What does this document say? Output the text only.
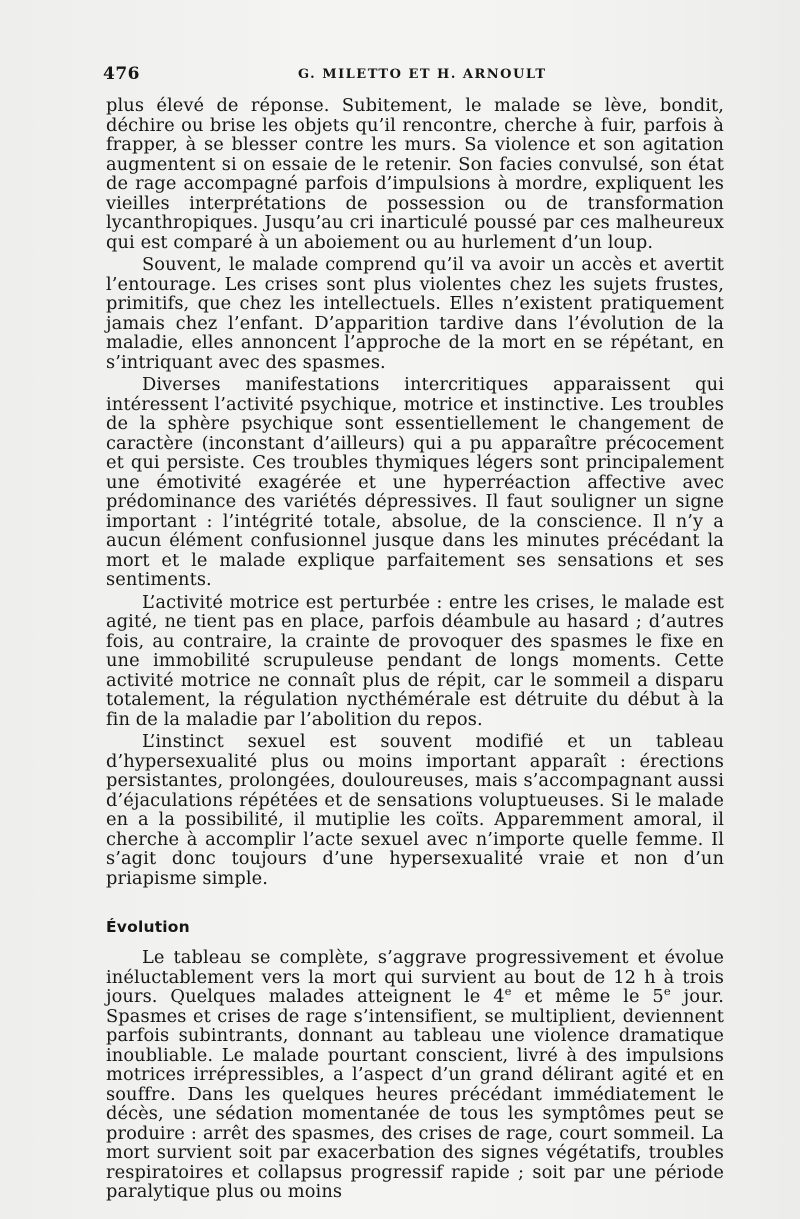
476	G. MILETTO ET H. ARNOULT

plus élevé de réponse. Subitement, le malade se lève, bondit, déchire ou brise les objets qu’il rencontre, cherche à fuir, parfois à frapper, à se blesser contre les murs. Sa violence et son agitation augmentent si on essaie de le retenir. Son facies convulsé, son état de rage accompagné parfois d’impulsions à mordre, expliquent les vieilles interprétations de possession ou de transformation lycanthropiques. Jusqu’au cri inarticulé poussé par ces malheureux qui est comparé à un aboiement ou au hurlement d’un loup.

Souvent, le malade comprend qu’il va avoir un accès et avertit l’entourage. Les crises sont plus violentes chez les sujets frustes, primitifs, que chez les intellectuels. Elles n’existent pratiquement jamais chez l’enfant. D’apparition tardive dans l’évolution de la maladie, elles annoncent l’approche de la mort en se répétant, en s’intriquant avec des spasmes.

Diverses manifestations intercritiques apparaissent qui intéressent l’activité psychique, motrice et instinctive. Les troubles de la sphère psychique sont essentiellement le changement de caractère (inconstant d’ailleurs) qui a pu apparaître précocement et qui persiste. Ces troubles thymiques légers sont principalement une émotivité exagérée et une hyperréaction affective avec prédominance des variétés dépressives. Il faut souligner un signe important : l’intégrité totale, absolue, de la conscience. Il n’y a aucun élément confusionnel jusque dans les minutes précédant la mort et le malade explique parfaitement ses sensations et ses sentiments.

L’activité motrice est perturbée : entre les crises, le malade est agité, ne tient pas en place, parfois déambule au hasard ; d’autres fois, au contraire, la crainte de provoquer des spasmes le fixe en une immobilité scrupuleuse pendant de longs moments. Cette activité motrice ne connaît plus de répit, car le sommeil a disparu totalement, la régulation nycthémérale est détruite du début à la fin de la maladie par l’abolition du repos.

L’instinct sexuel est souvent modifié et un tableau d’hypersexualité plus ou moins important apparaît : érections persistantes, prolongées, douloureuses, mais s’accompagnant aussi d’éjaculations répétées et de sensations voluptueuses. Si le malade en a la possibilité, il mutiplie les coïts. Apparemment amoral, il cherche à accomplir l’acte sexuel avec n’importe quelle femme. Il s’agit donc toujours d’une hypersexualité vraie et non d’un priapisme simple.

Évolution

Le tableau se complète, s’aggrave progressivement et évolue inéluctablement vers la mort qui survient au bout de 12 h à trois jours. Quelques malades atteignent le 4e et même le 5e jour. Spasmes et crises de rage s’intensifient, se multiplient, deviennent parfois subintrants, donnant au tableau une violence dramatique inoubliable. Le malade pourtant conscient, livré à des impulsions motrices irrépressibles, a l’aspect d’un grand délirant agité et en souffre. Dans les quelques heures précédant immédiatement le décès, une sédation momentanée de tous les symptômes peut se produire : arrêt des spasmes, des crises de rage, court sommeil. La mort survient soit par exacerbation des signes végétatifs, troubles respiratoires et collapsus progressif rapide ; soit par une période paralytique plus ou moins
